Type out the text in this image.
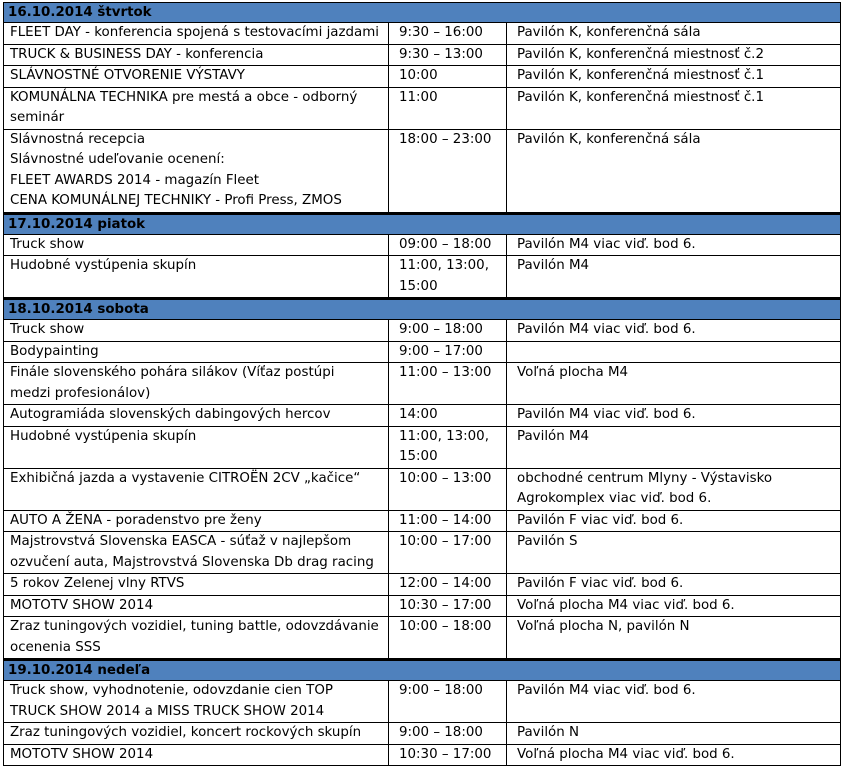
16.10.2014 štvrtok		

FLEET DAY - konferencia spojená s testovacími jazdami	9:30 – 16:00	Pavilón K, konferenčná sála

TRUCK & BUSINESS DAY - konferencia	9:30 – 13:00	Pavilón K, konferenčná miestnosť č.2

SLÁVNOSTNÉ OTVORENIE VÝSTAVY	10:00	Pavilón K, konferenčná miestnosť č.1

KOMUNÁLNA TECHNIKA pre mestá a obce - odborný
seminár	11:00	Pavilón K, konferenčná miestnosť č.1

Slávnostná recepcia
Slávnostné udeľovanie ocenení:
FLEET AWARDS 2014 - magazín Fleet
CENA KOMUNÁLNEJ TECHNIKY - Profi Press, ZMOS	18:00 – 23:00	Pavilón K, konferenčná sála

17.10.2014 piatok		

Truck show	09:00 – 18:00	Pavilón M4 viac viď. bod 6.

Hudobné vystúpenia skupín	11:00, 13:00,
15:00	Pavilón M4

18.10.2014 sobota		

Truck show	9:00 – 18:00	Pavilón M4 viac viď. bod 6.

Bodypainting	9:00 – 17:00	

Finále slovenského pohára silákov (Víťaz postúpi
medzi profesionálov)	11:00 – 13:00	Voľná plocha M4

Autogramiáda slovenských dabingových hercov	14:00	Pavilón M4 viac viď. bod 6.

Hudobné vystúpenia skupín	11:00, 13:00,
15:00	Pavilón M4

Exhibičná jazda a vystavenie CITROËN 2CV „kačice“	10:00 – 13:00	obchodné centrum Mlyny - Výstavisko
Agrokomplex viac viď. bod 6.

AUTO A ŽENA - poradenstvo pre ženy	11:00 – 14:00	Pavilón F viac viď. bod 6.

Majstrovstvá Slovenska EASCA - súťaž v najlepšom
ozvučení auta, Majstrovstvá Slovenska Db drag racing	10:00 – 17:00	Pavilón S

5 rokov Zelenej vlny RTVS	12:00 – 14:00	Pavilón F viac viď. bod 6.

MOTOTV SHOW 2014	10:30 – 17:00	Voľná plocha M4 viac viď. bod 6.

Zraz tuningových vozidiel, tuning battle, odovzdávanie
ocenenia SSS	10:00 – 18:00	Voľná plocha N, pavilón N

19.10.2014 nedeľa		

Truck show, vyhodnotenie, odovzdanie cien TOP
TRUCK SHOW 2014 a MISS TRUCK SHOW 2014	9:00 – 18:00	Pavilón M4 viac viď. bod 6.

Zraz tuningových vozidiel, koncert rockových skupín	9:00 – 18:00	Pavilón N

MOTOTV SHOW 2014	10:30 – 17:00	Voľná plocha M4 viac viď. bod 6.
